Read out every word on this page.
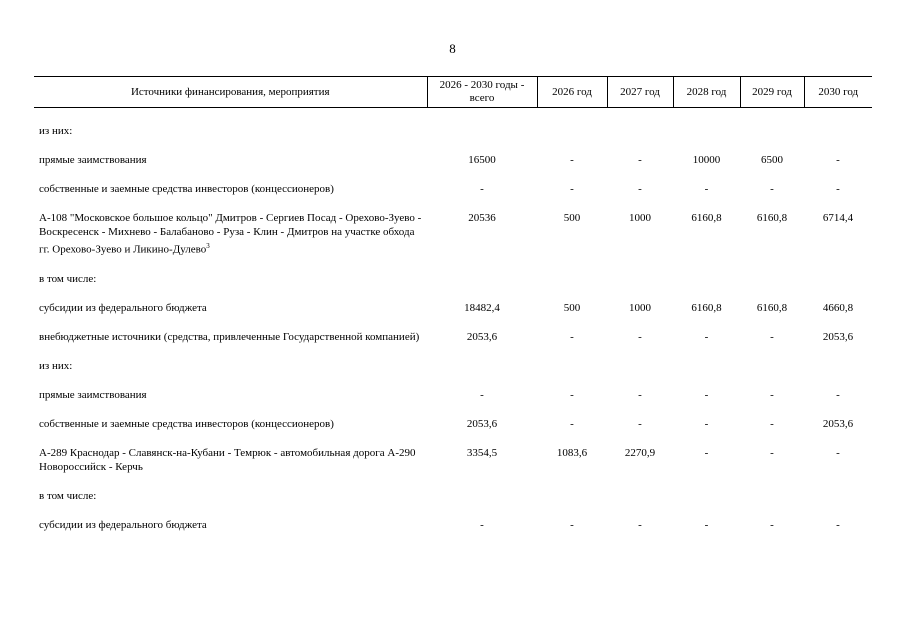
8
Источники финансирования, мероприятия	2026 - 2030 годы - всего	2026 год	2027 год	2028 год	2029 год	2030 год

из них:						

прямые заимствования	16500	-	-	10000	6500	-

собственные и заемные средства инвесторов (концессионеров)	-	-	-	-	-	-

А-108 "Московское большое кольцо" Дмитров - Сергиев Посад - Орехово-Зуево - Воскресенск - Михнево - Балабаново - Руза - Клин - Дмитров на участке обхода гг. Орехово-Зуево и Ликино-Дулево$^3$	20536	500	1000	6160,8	6160,8	6714,4

в том числе:						

субсидии из федерального бюджета	18482,4	500	1000	6160,8	6160,8	4660,8

внебюджетные источники (средства, привлеченные Государственной компанией)	2053,6	-	-	-	-	2053,6

из них:						

прямые заимствования	-	-	-	-	-	-

собственные и заемные средства инвесторов (концессионеров)	2053,6	-	-	-	-	2053,6

А-289 Краснодар - Славянск-на-Кубани - Темрюк - автомобильная дорога А-290 Новороссийск - Керчь	3354,5	1083,6	2270,9	-	-	-

в том числе:						

субсидии из федерального бюджета	-	-	-	-	-	-
